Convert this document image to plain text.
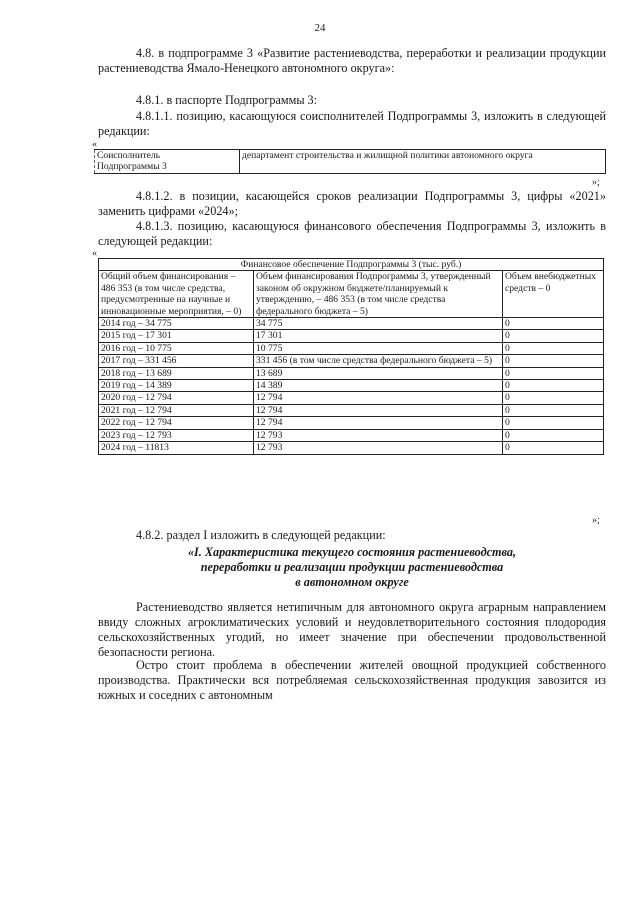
24
4.8. в подпрограмме 3 «Развитие растениеводства, переработки и реализации продукции растениеводства Ямало-Ненецкого автономного округа»:
4.8.1. в паспорте Подпрограммы 3:
4.8.1.1. позицию, касающуюся соисполнителей Подпрограммы 3, изложить в следующей редакции:
«
Соисполнитель
Подпрограммы 3
	департамент строительства и жилищной политики автономного округа
»;
4.8.1.2. в позиции, касающейся сроков реализации Подпрограммы 3, цифры «2021» заменить цифрами «2024»;
4.8.1.3. позицию, касающуюся финансового обеспечения Подпрограммы 3, изложить в следующей редакции:
«
Финансовое обеспечение Подпрограммы 3 (тыс. руб.)		
Общий объем финансирования – 486 353 (в том числе средства, предусмотренные на научные и инновационные мероприятия, – 0)	Объем финансирования Подпрограммы 3, утвержденный законом об окружном бюджете/планируемый к утверждению, – 486 353 (в том числе средства федерального бюджета – 5)	Объем внебюджетных средств – 0
2014 год – 34 775	34 775	0
2015 год – 17 301	17 301	0
2016 год – 10 775	10 775	0
2017 год – 331 456	331 456 (в том числе средства федерального бюджета – 5)	0
2018 год – 13 689	13 689	0
2019 год – 14 389	14 389	0
2020 год – 12 794	12 794	0
2021 год – 12 794	12 794	0
2022 год – 12 794	12 794	0
2023 год – 12 793	12 793	0
2024 год – 11813	12 793	0
»;
4.8.2. раздел I изложить в следующей редакции:
«I. Характеристика текущего состояния растениеводства,
переработки и реализации продукции растениеводства
в автономном округе
Растениеводство является нетипичным для автономного округа аграрным направлением ввиду сложных агроклиматических условий и неудовлетворительного состояния плодородия сельскохозяйственных угодий, но имеет значение при обеспечении продовольственной безопасности региона.
Остро стоит проблема в обеспечении жителей овощной продукцией собственного производства. Практически вся потребляемая сельскохозяйственная продукция завозится из южных и соседних с автономным
